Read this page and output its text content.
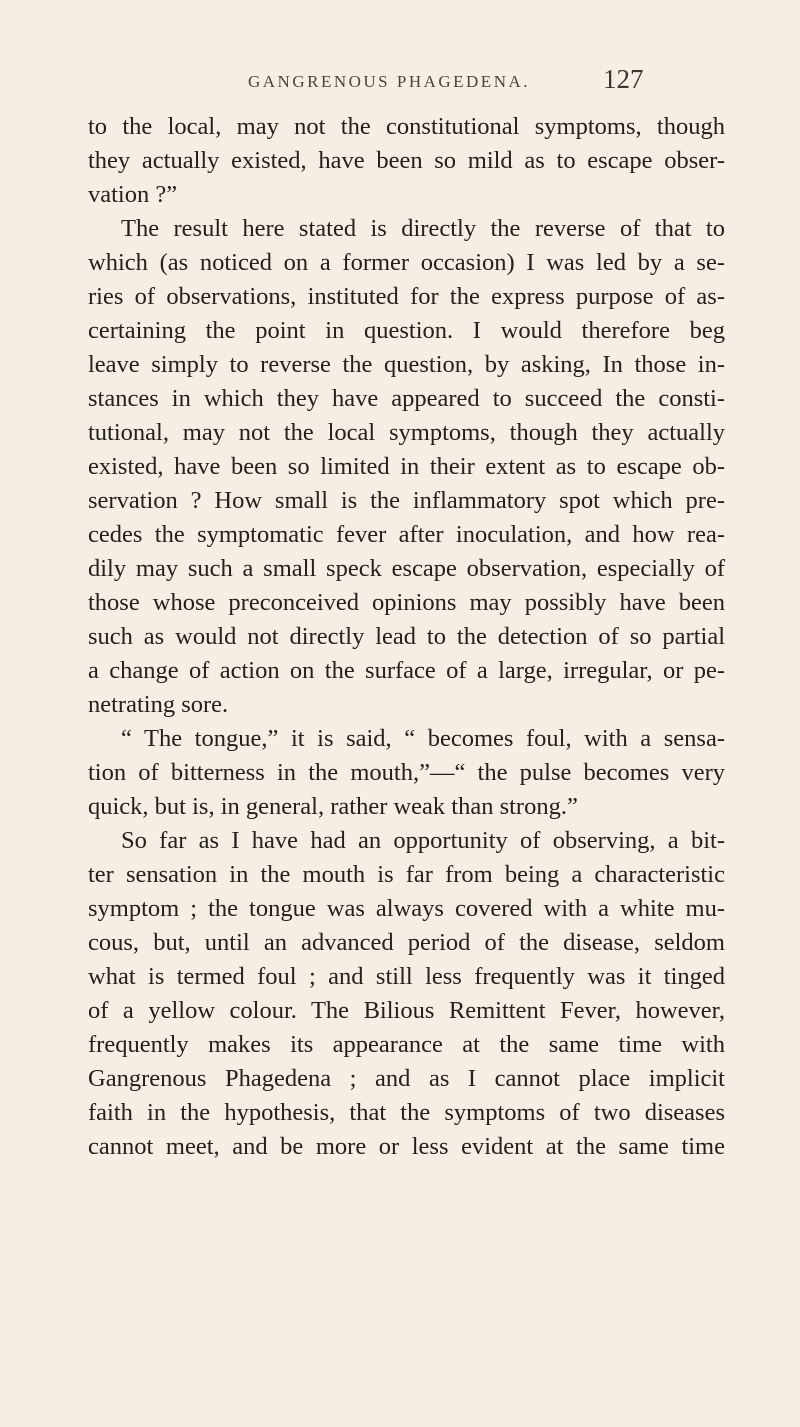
GANGRENOUS PHAGEDENA.	127
to the local, may not the constitutional symptoms, though
they actually existed, have been so mild as to escape obser-
vation ?”
The result here stated is directly the reverse of that to
which (as noticed on a former occasion) I was led by a se-
ries of observations, instituted for the express purpose of as-
certaining the point in question. I would therefore beg
leave simply to reverse the question, by asking, In those in-
stances in which they have appeared to succeed the consti-
tutional, may not the local symptoms, though they actually
existed, have been so limited in their extent as to escape ob-
servation ? How small is the inflammatory spot which pre-
cedes the symptomatic fever after inoculation, and how rea-
dily may such a small speck escape observation, especially of
those whose preconceived opinions may possibly have been
such as would not directly lead to the detection of so partial
a change of action on the surface of a large, irregular, or pe-
netrating sore.
“ The tongue,” it is said, “ becomes foul, with a sensa-
tion of bitterness in the mouth,”—“ the pulse becomes very
quick, but is, in general, rather weak than strong.”
So far as I have had an opportunity of observing, a bit-
ter sensation in the mouth is far from being a characteristic
symptom ; the tongue was always covered with a white mu-
cous, but, until an advanced period of the disease, seldom
what is termed foul ; and still less frequently was it tinged
of a yellow colour. The Bilious Remittent Fever, however,
frequently makes its appearance at the same time with
Gangrenous Phagedena ; and as I cannot place implicit
faith in the hypothesis, that the symptoms of two diseases
cannot meet, and be more or less evident at the same time
